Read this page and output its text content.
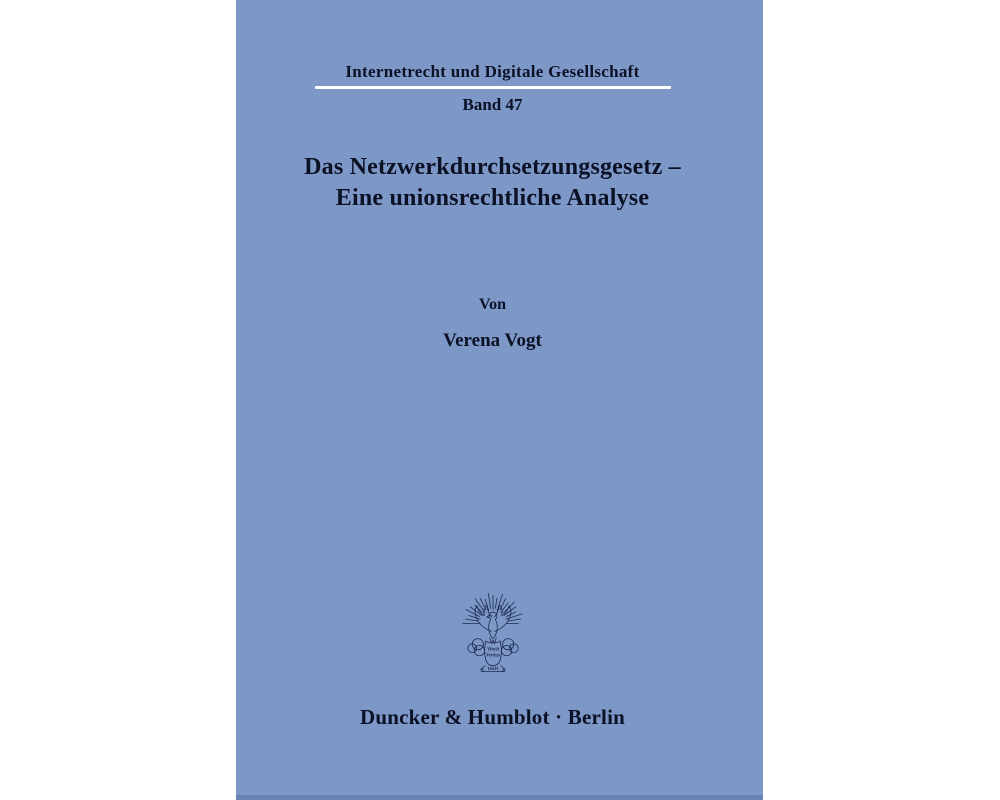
Internetrecht und Digitale Gesellschaft
Band 47
Das Netzwerkdurchsetzungsgesetz –
Eine unionsrechtliche Analyse
Von
Verena Vogt
Vincit
Veritas
D&H
Duncker & Humblot · Berlin
